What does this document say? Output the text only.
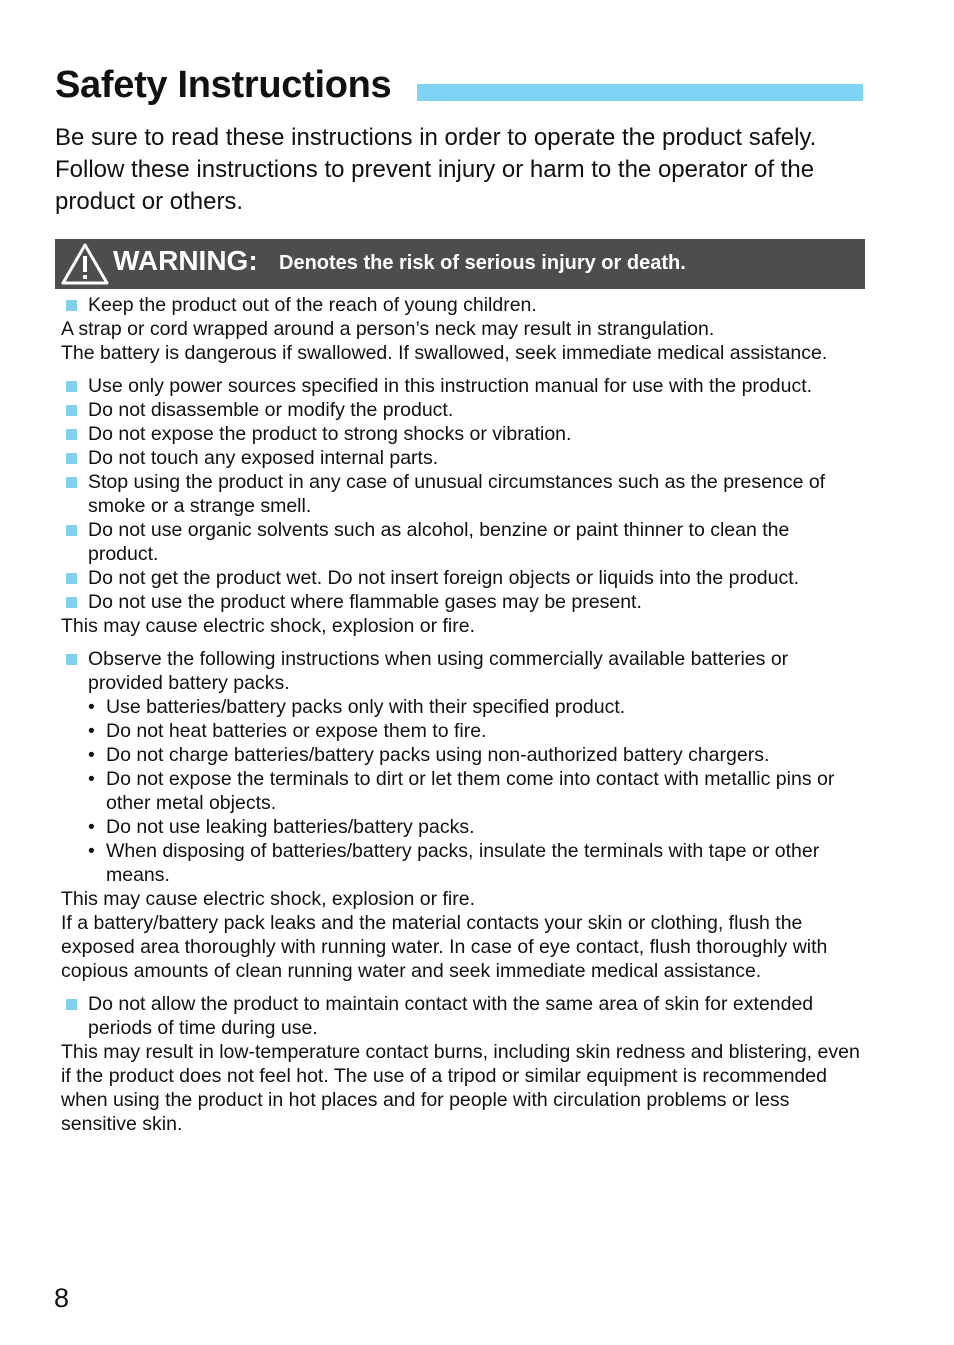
Safety Instructions
Be sure to read these instructions in order to operate the product safely. Follow these instructions to prevent injury or harm to the operator of the product or others.
WARNING: Denotes the risk of serious injury or death.
Keep the product out of the reach of young children.
A strap or cord wrapped around a person’s neck may result in strangulation.
The battery is dangerous if swallowed. If swallowed, seek immediate medical assistance.
Use only power sources specified in this instruction manual for use with the product.
Do not disassemble or modify the product.
Do not expose the product to strong shocks or vibration.
Do not touch any exposed internal parts.
Stop using the product in any case of unusual circumstances such as the presence of smoke or a strange smell.
Do not use organic solvents such as alcohol, benzine or paint thinner to clean the product.
Do not get the product wet. Do not insert foreign objects or liquids into the product.
Do not use the product where flammable gases may be present.
This may cause electric shock, explosion or fire.
Observe the following instructions when using commercially available batteries or provided battery packs.
• Use batteries/battery packs only with their specified product.
• Do not heat batteries or expose them to fire.
• Do not charge batteries/battery packs using non-authorized battery chargers.
• Do not expose the terminals to dirt or let them come into contact with metallic pins or other metal objects.
• Do not use leaking batteries/battery packs.
• When disposing of batteries/battery packs, insulate the terminals with tape or other means.
This may cause electric shock, explosion or fire.
If a battery/battery pack leaks and the material contacts your skin or clothing, flush the exposed area thoroughly with running water. In case of eye contact, flush thoroughly with copious amounts of clean running water and seek immediate medical assistance.
Do not allow the product to maintain contact with the same area of skin for extended periods of time during use.
This may result in low-temperature contact burns, including skin redness and blistering, even if the product does not feel hot. The use of a tripod or similar equipment is recommended when using the product in hot places and for people with circulation problems or less sensitive skin.
8
